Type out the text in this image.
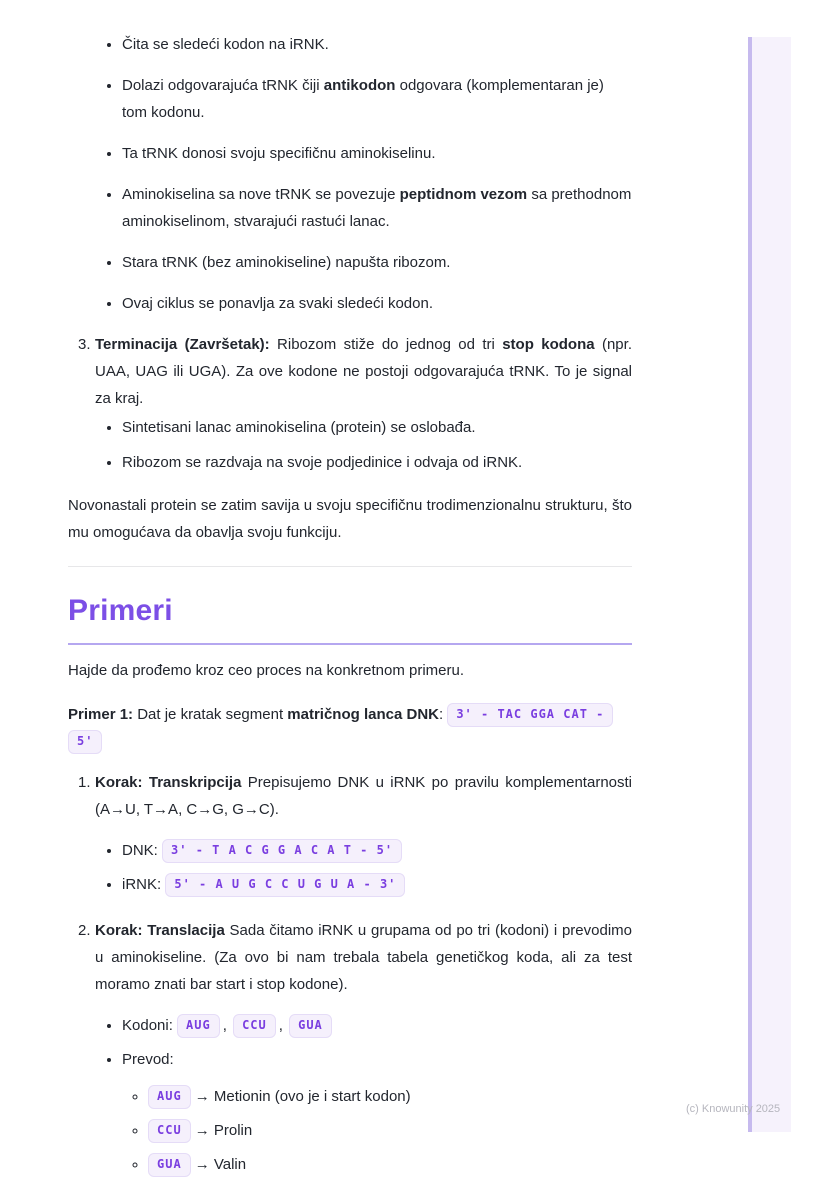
(c) Knowunity 2025
• Čita se sledeći kodon na iRNK.
• Dolazi odgovarajuća tRNK čiji antikodon odgovara (komplementaran je) tom kodonu.
• Ta tRNK donosi svoju specifičnu aminokiselinu.
• Aminokiselina sa nove tRNK se povezuje peptidnom vezom sa prethodnom aminokiselinom, stvarajući rastući lanac.
• Stara tRNK (bez aminokiseline) napušta ribozom.
• Ovaj ciklus se ponavlja za svaki sledeći kodon.
3. Terminacija (Završetak): Ribozom stiže do jednog od tri stop kodona (npr. UAA, UAG ili UGA). Za ove kodone ne postoji odgovarajuća tRNK. To je signal za kraj.
• Sintetisani lanac aminokiselina (protein) se oslobađa.
• Ribozom se razdvaja na svoje podjedinice i odvaja od iRNK.

Novonastali protein se zatim savija u svoju specifičnu trodimenzionalnu strukturu, što mu omogućava da obavlja svoju funkciju.

Primeri

Hajde da prođemo kroz ceo proces na konkretnom primeru.

Primer 1: Dat je kratak segment matričnog lanca DNK: 3' - TAC GGA CAT -
5'

1. Korak: Transkripcija Prepisujemo DNK u iRNK po pravilu komplementarnosti (A→U, T→A, C→G, G→C).
• DNK: 3' - T A C G G A C A T - 5'
• iRNK: 5' - A U G C C U G U A - 3'
2. Korak: Translacija Sada čitamo iRNK u grupama od po tri (kodoni) i prevodimo u aminokiseline. (Za ovo bi nam trebala tabela genetičkog koda, ali za test moramo znati bar start i stop kodone).
• Kodoni: AUG , CCU , GUA
• Prevod:
◦ AUG → Metionin (ovo je i start kodon)
◦ CCU → Prolin
◦ GUA → Valin
